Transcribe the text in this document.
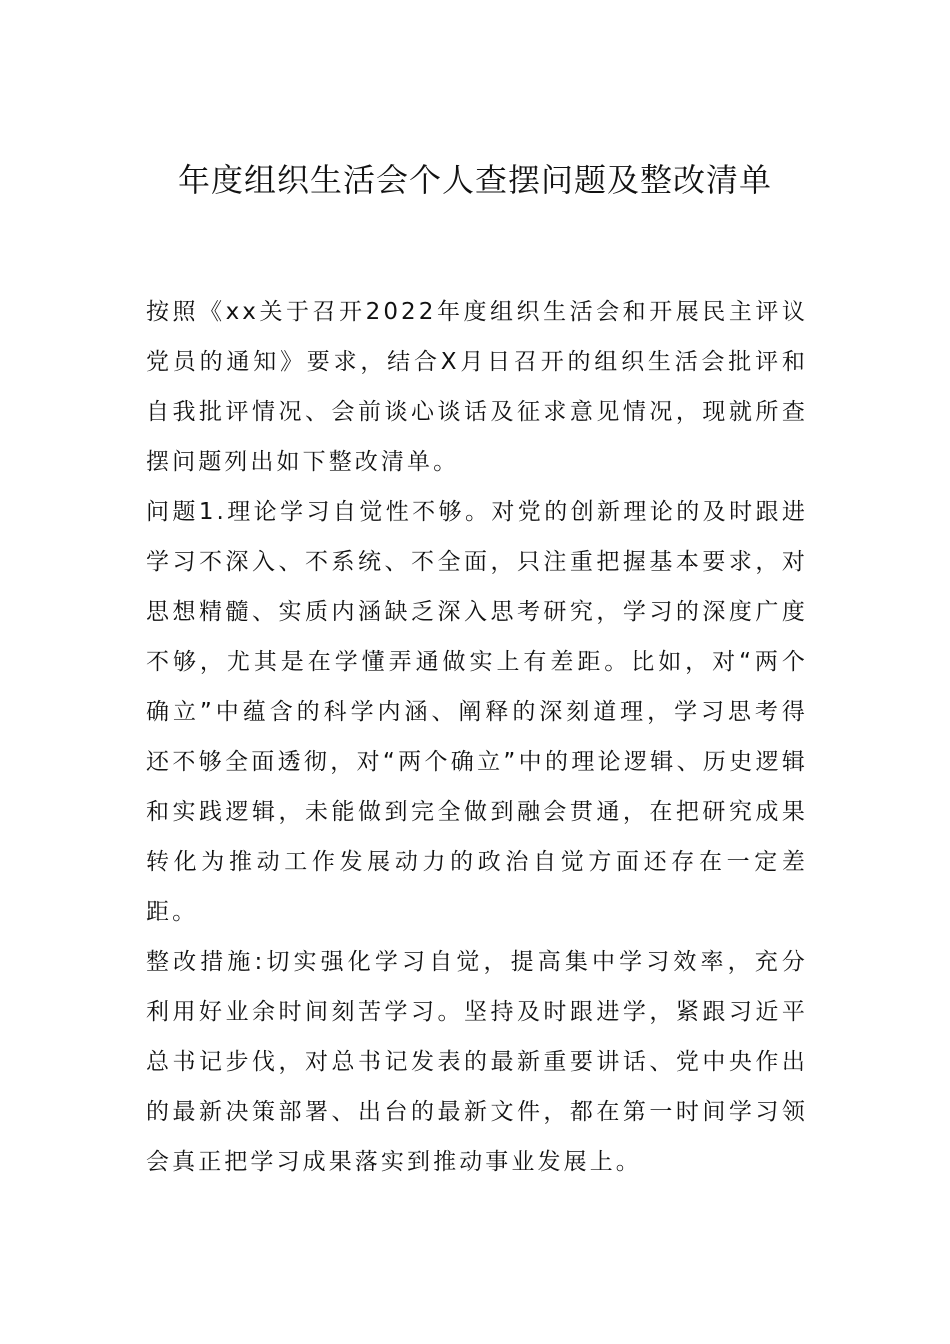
年度组织生活会个人查摆问题及整改清单

按照《xx关于召开2022年度组织生活会和开展民主评议党员的通知》要求，结合X月日召开的组织生活会批评和自我批评情况、会前谈心谈话及征求意见情况，现就所查摆问题列出如下整改清单。

问题1.理论学习自觉性不够。对党的创新理论的及时跟进学习不深入、不系统、不全面，只注重把握基本要求，对思想精髓、实质内涵缺乏深入思考研究，学习的深度广度不够，尤其是在学懂弄通做实上有差距。比如，对“两个确立”中蕴含的科学内涵、阐释的深刻道理，学习思考得还不够全面透彻，对“两个确立”中的理论逻辑、历史逻辑和实践逻辑，未能做到完全做到融会贯通，在把研究成果转化为推动工作发展动力的政治自觉方面还存在一定差距。

整改措施:切实强化学习自觉，提高集中学习效率，充分利用好业余时间刻苦学习。坚持及时跟进学，紧跟习近平总书记步伐，对总书记发表的最新重要讲话、党中央作出的最新决策部署、出台的最新文件，都在第一时间学习领会真正把学习成果落实到推动事业发展上。
